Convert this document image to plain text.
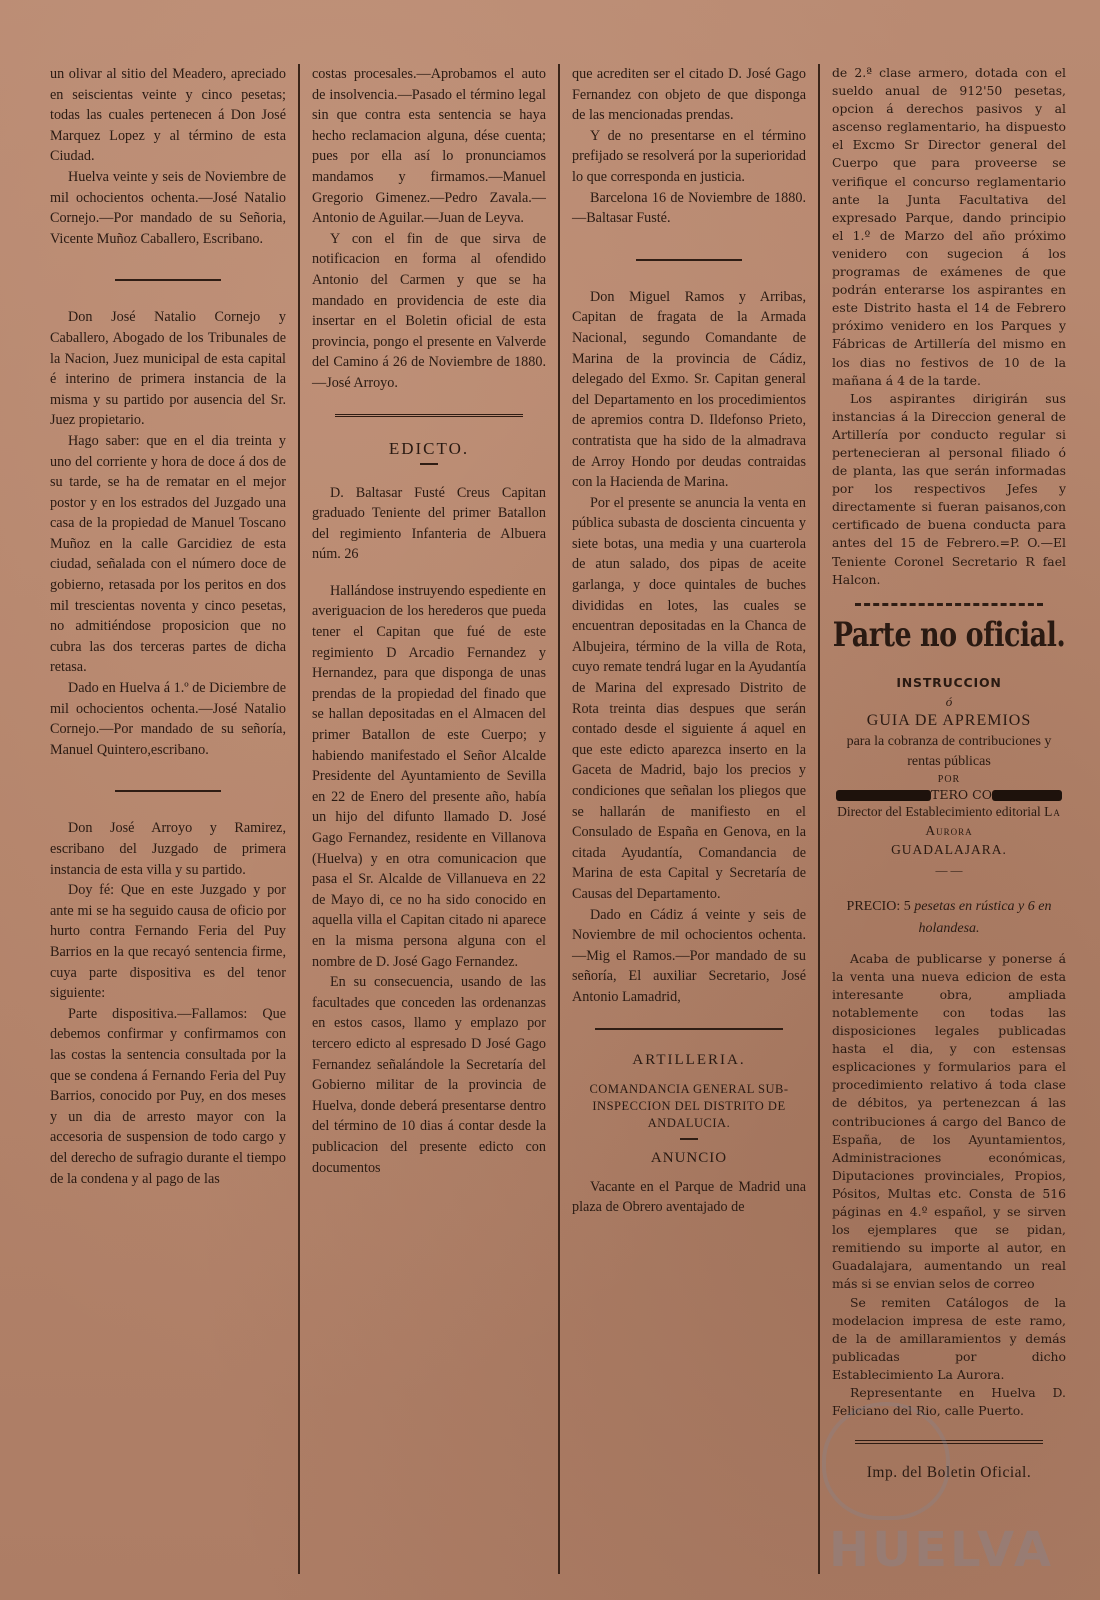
un olivar al sitio del Meadero, apreciado en seiscientas veinte y cinco pesetas; todas las cuales pertenecen á Don José Marquez Lopez y al término de esta Ciudad.

Huelva veinte y seis de Noviembre de mil ochocientos ochenta.—José Natalio Cornejo.—Por mandado de su Señoria, Vicente Muñoz Caballero, Escribano.

Don José Natalio Cornejo y Caballero, Abogado de los Tribunales de la Nacion, Juez municipal de esta capital é interino de primera instancia de la misma y su partido por ausencia del Sr. Juez propietario.

Hago saber: que en el dia treinta y uno del corriente y hora de doce á dos de su tarde, se ha de rematar en el mejor postor y en los estrados del Juzgado una casa de la propiedad de Manuel Toscano Muñoz en la calle Garcidiez de esta ciudad, señalada con el número doce de gobierno, retasada por los peritos en dos mil trescientas noventa y cinco pesetas, no admitiéndose proposicion que no cubra las dos terceras partes de dicha retasa.

Dado en Huelva á 1.º de Diciembre de mil ochocientos ochenta.—José Natalio Cornejo.—Por mandado de su señoría, Manuel Quintero,escribano.

Don José Arroyo y Ramirez, escribano del Juzgado de primera instancia de esta villa y su partido.

Doy fé: Que en este Juzgado y por ante mi se ha seguido causa de oficio por hurto contra Fernando Feria del Puy Barrios en la que recayó sentencia firme, cuya parte dispositiva es del tenor siguiente:

Parte dispositiva.—Fallamos: Que debemos confirmar y confirmamos con las costas la sentencia consultada por la que se condena á Fernando Feria del Puy Barrios, conocido por Puy, en dos meses y un dia de arresto mayor con la accesoria de suspension de todo cargo y del derecho de sufragio durante el tiempo de la condena y al pago de las

costas procesales.—Aprobamos el auto de insolvencia.—Pasado el término legal sin que contra esta sentencia se haya hecho reclamacion alguna, dése cuenta; pues por ella así lo pronunciamos mandamos y firmamos.—Manuel Gregorio Gimenez.—Pedro Zavala.—Antonio de Aguilar.—Juan de Leyva.

Y con el fin de que sirva de notificacion en forma al ofendido Antonio del Carmen y que se ha mandado en providencia de este dia insertar en el Boletin oficial de esta provincia, pongo el presente en Valverde del Camino á 26 de Noviembre de 1880.—José Arroyo.

EDICTO.

D. Baltasar Fusté Creus Capitan graduado Teniente del primer Batallon del regimiento Infanteria de Albuera núm. 26

Hallándose instruyendo espediente en averiguacion de los herederos que pueda tener el Capitan que fué de este regimiento D Arcadio Fernandez y Hernandez, para que disponga de unas prendas de la propiedad del finado que se hallan depositadas en el Almacen del primer Batallon de este Cuerpo; y habiendo manifestado el Señor Alcalde Presidente del Ayuntamiento de Sevilla en 22 de Enero del presente año, había un hijo del difunto llamado D. José Gago Fernandez, residente en Villanova (Huelva) y en otra comunicacion que pasa el Sr. Alcalde de Villanueva en 22 de Mayo di, ce no ha sido conocido en aquella villa el Capitan citado ni aparece en la misma persona alguna con el nombre de D. José Gago Fernandez.

En su consecuencia, usando de las facultades que conceden las ordenanzas en estos casos, llamo y emplazo por tercero edicto al espresado D José Gago Fernandez señalándole la Secretaría del Gobierno militar de la provincia de Huelva, donde deberá presentarse dentro del término de 10 dias á contar desde la publicacion del presente edicto con documentos

que acrediten ser el citado D. José Gago Fernandez con objeto de que disponga de las mencionadas prendas.

Y de no presentarse en el término prefijado se resolverá por la superioridad lo que corresponda en justicia.

Barcelona 16 de Noviembre de 1880.—Baltasar Fusté.

Don Miguel Ramos y Arribas, Capitan de fragata de la Armada Nacional, segundo Comandante de Marina de la provincia de Cádiz, delegado del Exmo. Sr. Capitan general del Departamento en los procedimientos de apremios contra D. Ildefonso Prieto, contratista que ha sido de la almadrava de Arroy Hondo por deudas contraidas con la Hacienda de Marina.

Por el presente se anuncia la venta en pública subasta de doscienta cincuenta y siete botas, una media y una cuarterola de atun salado, dos pipas de aceite garlanga, y doce quintales de buches divididas en lotes, las cuales se encuentran depositadas en la Chanca de Albujeira, término de la villa de Rota, cuyo remate tendrá lugar en la Ayudantía de Marina del expresado Distrito de Rota treinta dias despues que serán contado desde el siguiente á aquel en que este edicto aparezca inserto en la Gaceta de Madrid, bajo los precios y condiciones que señalan los pliegos que se hallarán de manifiesto en el Consulado de España en Genova, en la citada Ayudantía, Comandancia de Marina de esta Capital y Secretaría de Causas del Departamento.

Dado en Cádiz á veinte y seis de Noviembre de mil ochocientos ochenta.—Mig el Ramos.—Por mandado de su señoría, El auxiliar Secretario, José Antonio Lamadrid,

ARTILLERIA.
COMANDANCIA GENERAL SUB-INSPECCION DEL DISTRITO DE ANDALUCIA.
ANUNCIO

Vacante en el Parque de Madrid una plaza de Obrero aventajado de

de 2.ª clase armero, dotada con el sueldo anual de 912'50 pesetas, opcion á derechos pasivos y al ascenso reglamentario, ha dispuesto el Excmo Sr Director general del Cuerpo que para proveerse se verifique el concurso reglamentario ante la Junta Facultativa del expresado Parque, dando principio el 1.º de Marzo del año próximo venidero con sugecion á los programas de exámenes de que podrán enterarse los aspirantes en este Distrito hasta el 14 de Febrero próximo venidero en los Parques y Fábricas de Artillería del mismo en los dias no festivos de 10 de la mañana á 4 de la tarde.

Los aspirantes dirigirán sus instancias á la Direccion general de Artillería por conducto regular si pertenecieran al personal filiado ó de planta, las que serán informadas por los respectivos Jefes y directamente si fueran paisanos,con certificado de buena conducta para antes del 15 de Febrero.=P. O.—El Teniente Coronel Secretario R fael Halcon.

Parte no oficial.
INSTRUCCION
ó
GUIA DE APREMIOS
para la cobranza de contribuciones y rentas públicas
POR
TERO CO
Director del Establecimiento editorial La Aurora
GUADALAJARA.
— —
PRECIO: 5 pesetas en rústica y 6 en holandesa.

Acaba de publicarse y ponerse á la venta una nueva edicion de esta interesante obra, ampliada notablemente con todas las disposiciones legales publicadas hasta el dia, y con estensas esplicaciones y formularios para el procedimiento relativo á toda clase de débitos, ya pertenezcan á las contribuciones á cargo del Banco de España, de los Ayuntamientos, Administraciones económicas, Diputaciones provinciales, Propios, Pósitos, Multas etc. Consta de 516 páginas en 4.º español, y se sirven los ejemplares que se pidan, remitiendo su importe al autor, en Guadalajara, aumentando un real más si se envian selos de correo

Se remiten Catálogos de la modelacion impresa de este ramo, de la de amillaramientos y demás publicadas por dicho Establecimiento La Aurora.

Representante en Huelva D. Feliciano del Rio, calle Puerto.

Imp. del Boletin Oficial.
HUELVA
